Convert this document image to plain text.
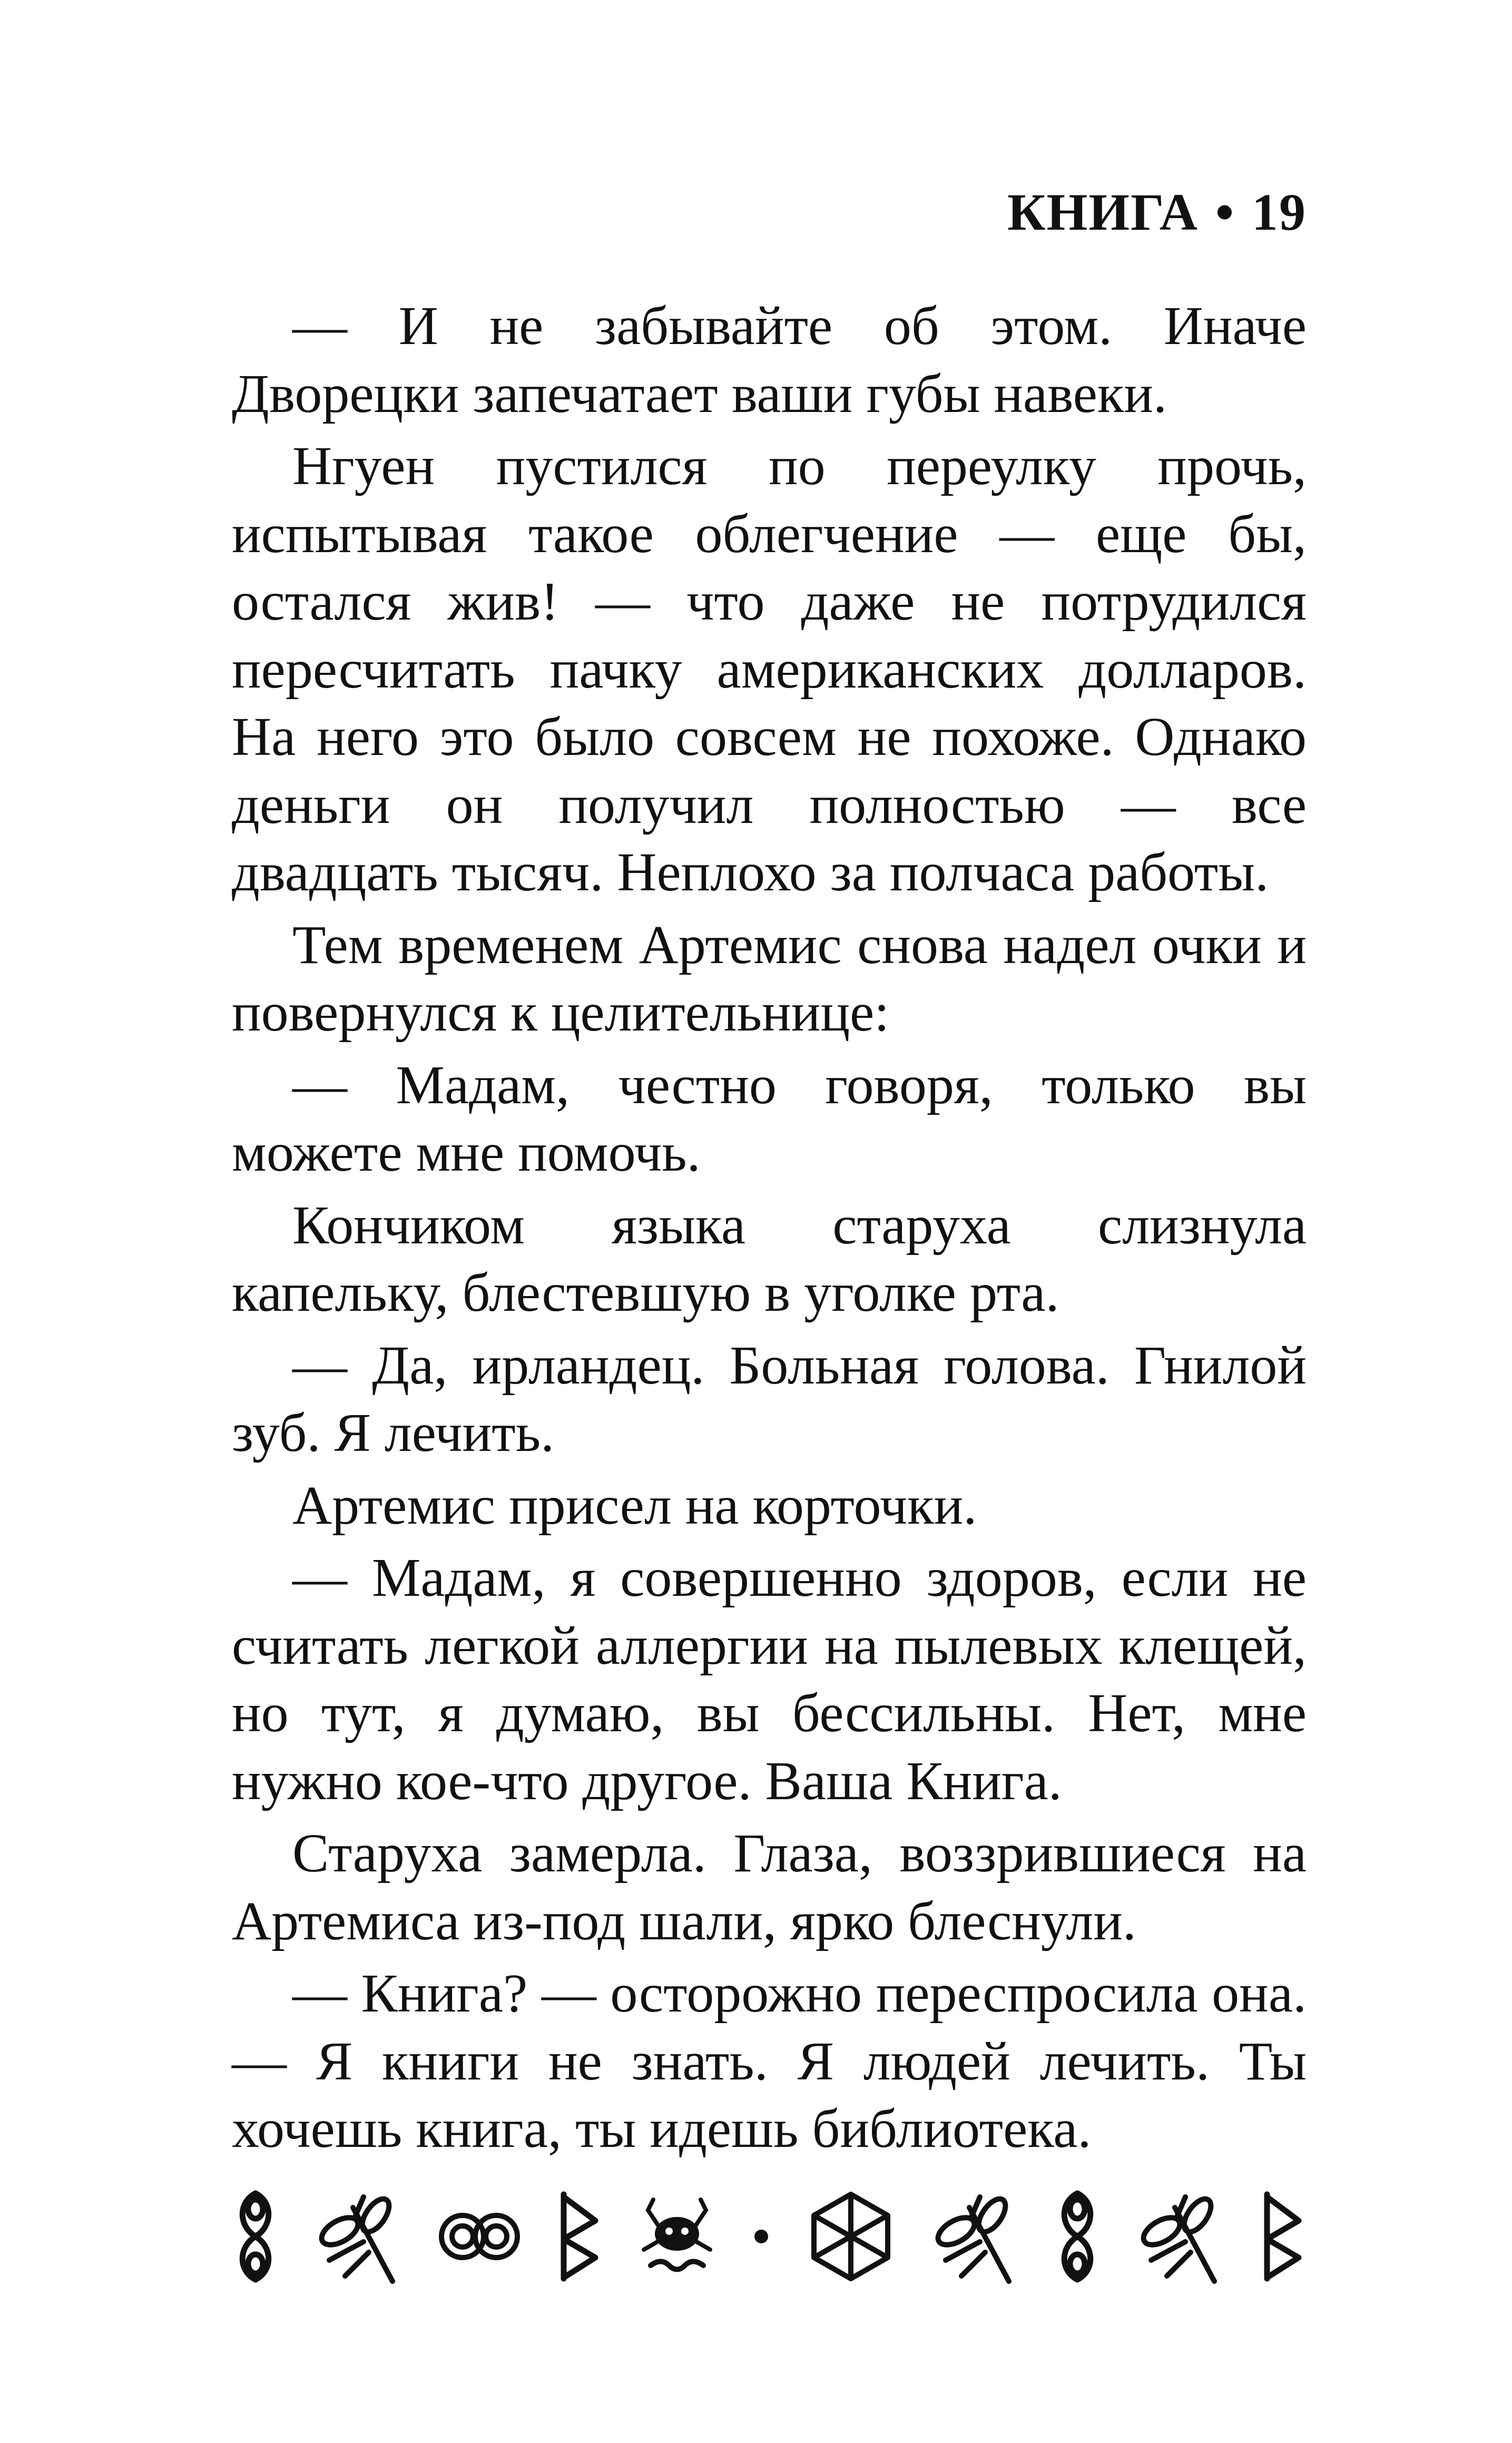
КНИГА • 19

— И не забывайте об этом. Иначе Дворецки запечатает ваши губы навеки.

Нгуен пустился по переулку прочь, испытывая такое облегчение — еще бы, остался жив! — что даже не потрудился пересчитать пачку американских долларов. На него это было совсем не похоже. Однако деньги он получил полностью — все двадцать тысяч. Неплохо за полчаса работы.

Тем временем Артемис снова надел очки и повернулся к целительнице:

— Мадам, честно говоря, только вы можете мне помочь.

Кончиком языка старуха слизнула капельку, блестевшую в уголке рта.

— Да, ирландец. Больная голова. Гнилой зуб. Я лечить.

Артемис присел на корточки.

— Мадам, я совершенно здоров, если не считать легкой аллергии на пылевых клещей, но тут, я думаю, вы бессильны. Нет, мне нужно кое-что другое. Ваша Книга.

Старуха замерла. Глаза, воззрившиеся на Артемиса из-под шали, ярко блеснули.

— Книга? — осторожно переспросила она. — Я книги не знать. Я людей лечить. Ты хочешь книга, ты идешь библиотека.
